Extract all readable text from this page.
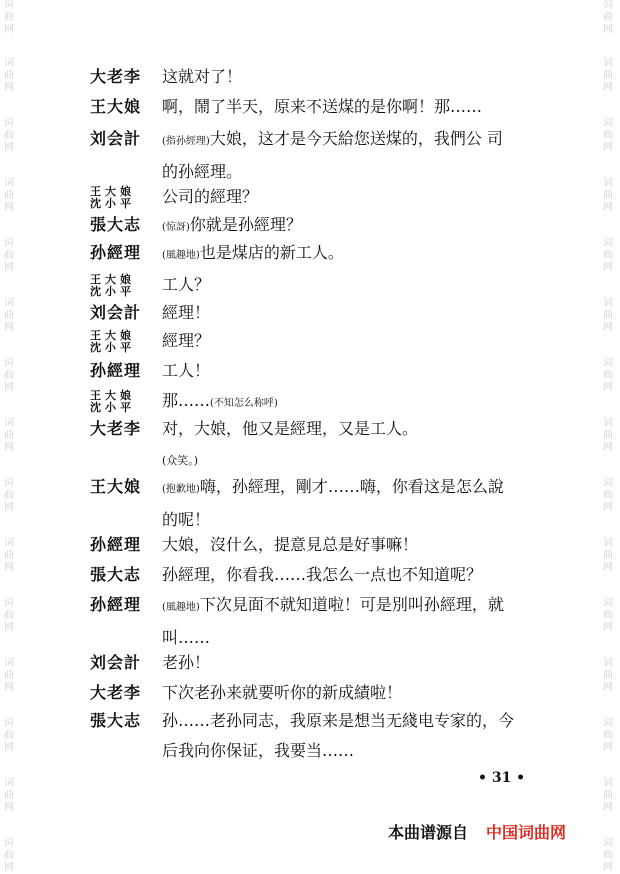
词
曲
网
词
曲
网
词
曲
网
词
曲
网
词
曲
网
词
曲
网
词
曲
网
词
曲
网
词
曲
网
词
曲
网
词
曲
网
词
曲
网
词
曲
网
词
曲
网
词
曲
网
词
曲
网
词
曲
网
词
曲
网
词
曲
网
词
曲
网
词
曲
网
词
曲
网
词
曲
网
词
曲
网
词
曲
网
词
曲
网
词
曲
网
词
曲
网
词
曲
网
词
曲
网
大老李	这就对了！
王大娘	啊，鬧了半天，原来不送煤的是你啊！那……
刘会計	(指孙經理)大娘，这才是今天給您送煤的，我們公 司
的孙經理。
王大娘
沈小平	公司的經理？
張大志	(惊訝)你就是孙經理？
孙經理	(風趣地)也是煤店的新工人。
王大娘
沈小平	工人？
刘会計	經理！
王大娘
沈小平	經理？
孙經理	工人！
王大娘
沈小平	那……(不知怎么称呼)
大老李	对，大娘，他又是經理，又是工人。
(众笑。)
王大娘	(抱歉地)嗨，孙經理，剛才……嗨，你看这是怎么說
的呢！
孙經理	大娘，沒什么，提意見总是好事嘛！
張大志	孙經理，你看我……我怎么一点也不知道呢？
孙經理	(風趣地)下次見面不就知道啦！可是別叫孙經理，就
叫……
刘会計	老孙！
大老李	下次老孙来就要听你的新成績啦！
張大志	孙……老孙同志，我原来是想当无綫电专家的，今
后我向你保证，我要当……
• 31 •
本曲谱源自 中国词曲网
